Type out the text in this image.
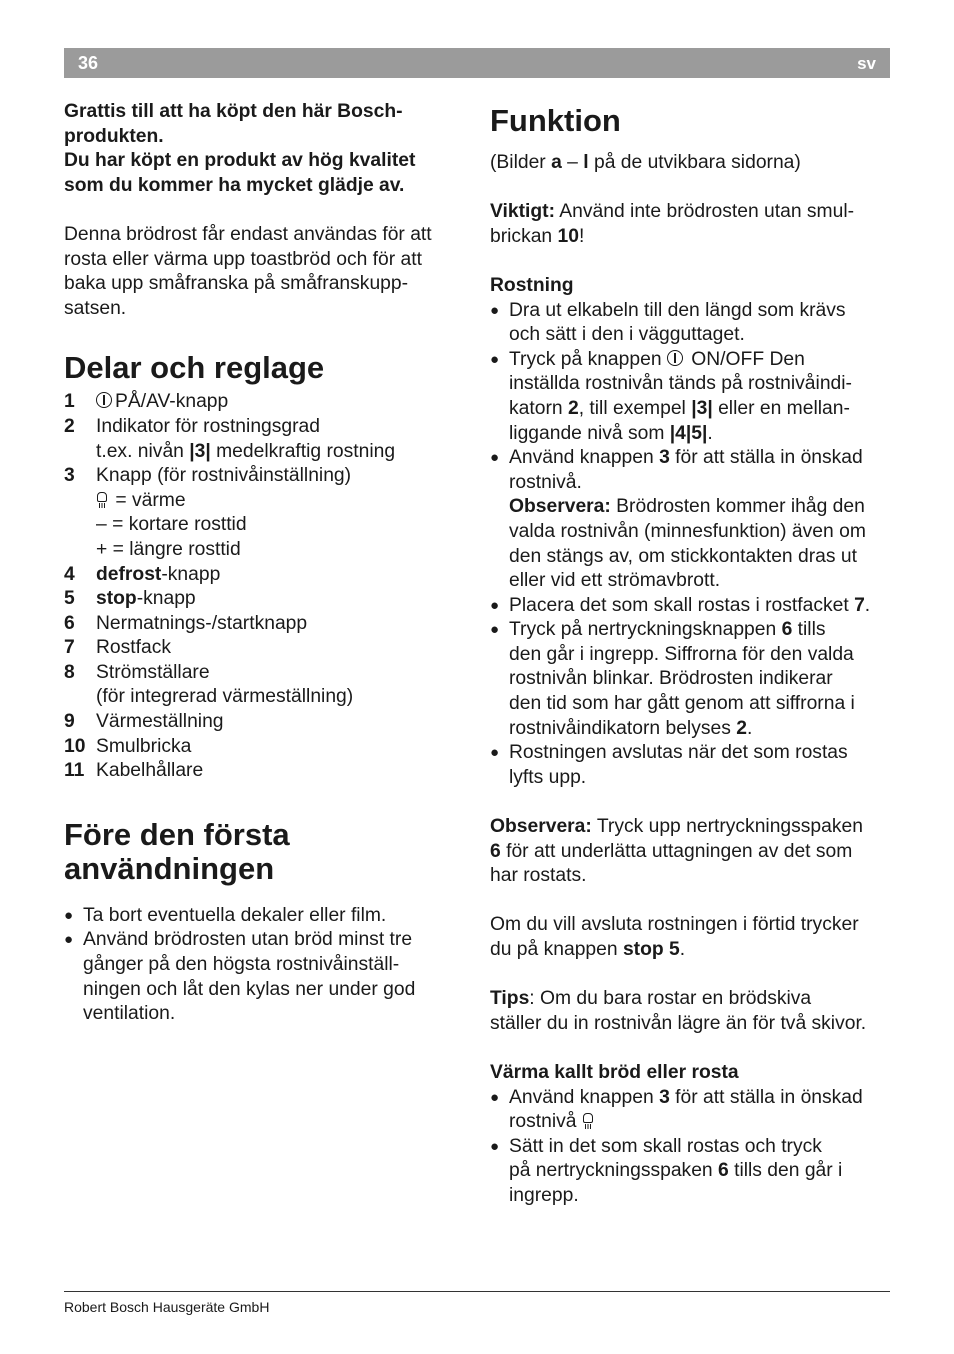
36	sv

Grattis till att ha köpt den här Bosch-
produkten.
Du har köpt en produkt av hög kvalitet
som du kommer ha mycket glädje av.

Denna brödrost får endast användas för att
rosta eller värma upp toastbröd och för att
baka upp småfranska på småfranskupp-
satsen.

Delar och reglage
1	PÅ/AV-knapp
2	Indikator för rostningsgrad
t.ex. nivån |3| medelkraftig rostning
3	Knapp (för rostnivåinställning)
= värme
– = kortare rosttid
+ = längre rosttid
4	defrost-knapp
5	stop-knapp
6	Nermatnings-/startknapp
7	Rostfack
8	Strömställare
(för integrerad värmeställning)
9	Värmeställning
10 Smulbricka
11 Kabelhållare
Före den första
användningen
● Ta bort eventuella dekaler eller film.
● Använd brödrosten utan bröd minst tre
gånger på den högsta rostnivåinställ-
ningen och låt den kylas ner under god
ventilation.
Funktion

(Bilder a – l på de utvikbara sidorna)

Viktigt: Använd inte brödrosten utan smul-
brickan 10!

Rostning

● Dra ut elkabeln till den längd som krävs
och sätt i den i vägguttaget.
● Tryck på knappen  ON/OFF Den
inställda rostnivån tänds på rostnivåindi-
katorn 2, till exempel |3| eller en mellan-
liggande nivå som |4|5|.
● Använd knappen 3 för att ställa in önskad
rostnivå.
Observera: Brödrosten kommer ihåg den
valda rostnivån (minnesfunktion) även om
den stängs av, om stickkontakten dras ut
eller vid ett strömavbrott.
● Placera det som skall rostas i rostfacket 7.
● Tryck på nertryckningsknappen 6 tills
den går i ingrepp. Siffrorna för den valda
rostnivån blinkar. Brödrosten indikerar
den tid som har gått genom att siffrorna i
rostnivåindikatorn belyses 2.
● Rostningen avslutas när det som rostas
lyfts upp.

Observera: Tryck upp nertryckningsspaken
6 för att underlätta uttagningen av det som
har rostats.

Om du vill avsluta rostningen i förtid trycker
du på knappen stop 5.

Tips: Om du bara rostar en brödskiva
ställer du in rostnivån lägre än för två skivor.

Värma kallt bröd eller rosta

● Använd knappen 3 för att ställa in önskad
rostnivå
● Sätt in det som skall rostas och tryck
på nertryckningsspaken 6 tills den går i
ingrepp.
Robert Bosch Hausgeräte GmbH
